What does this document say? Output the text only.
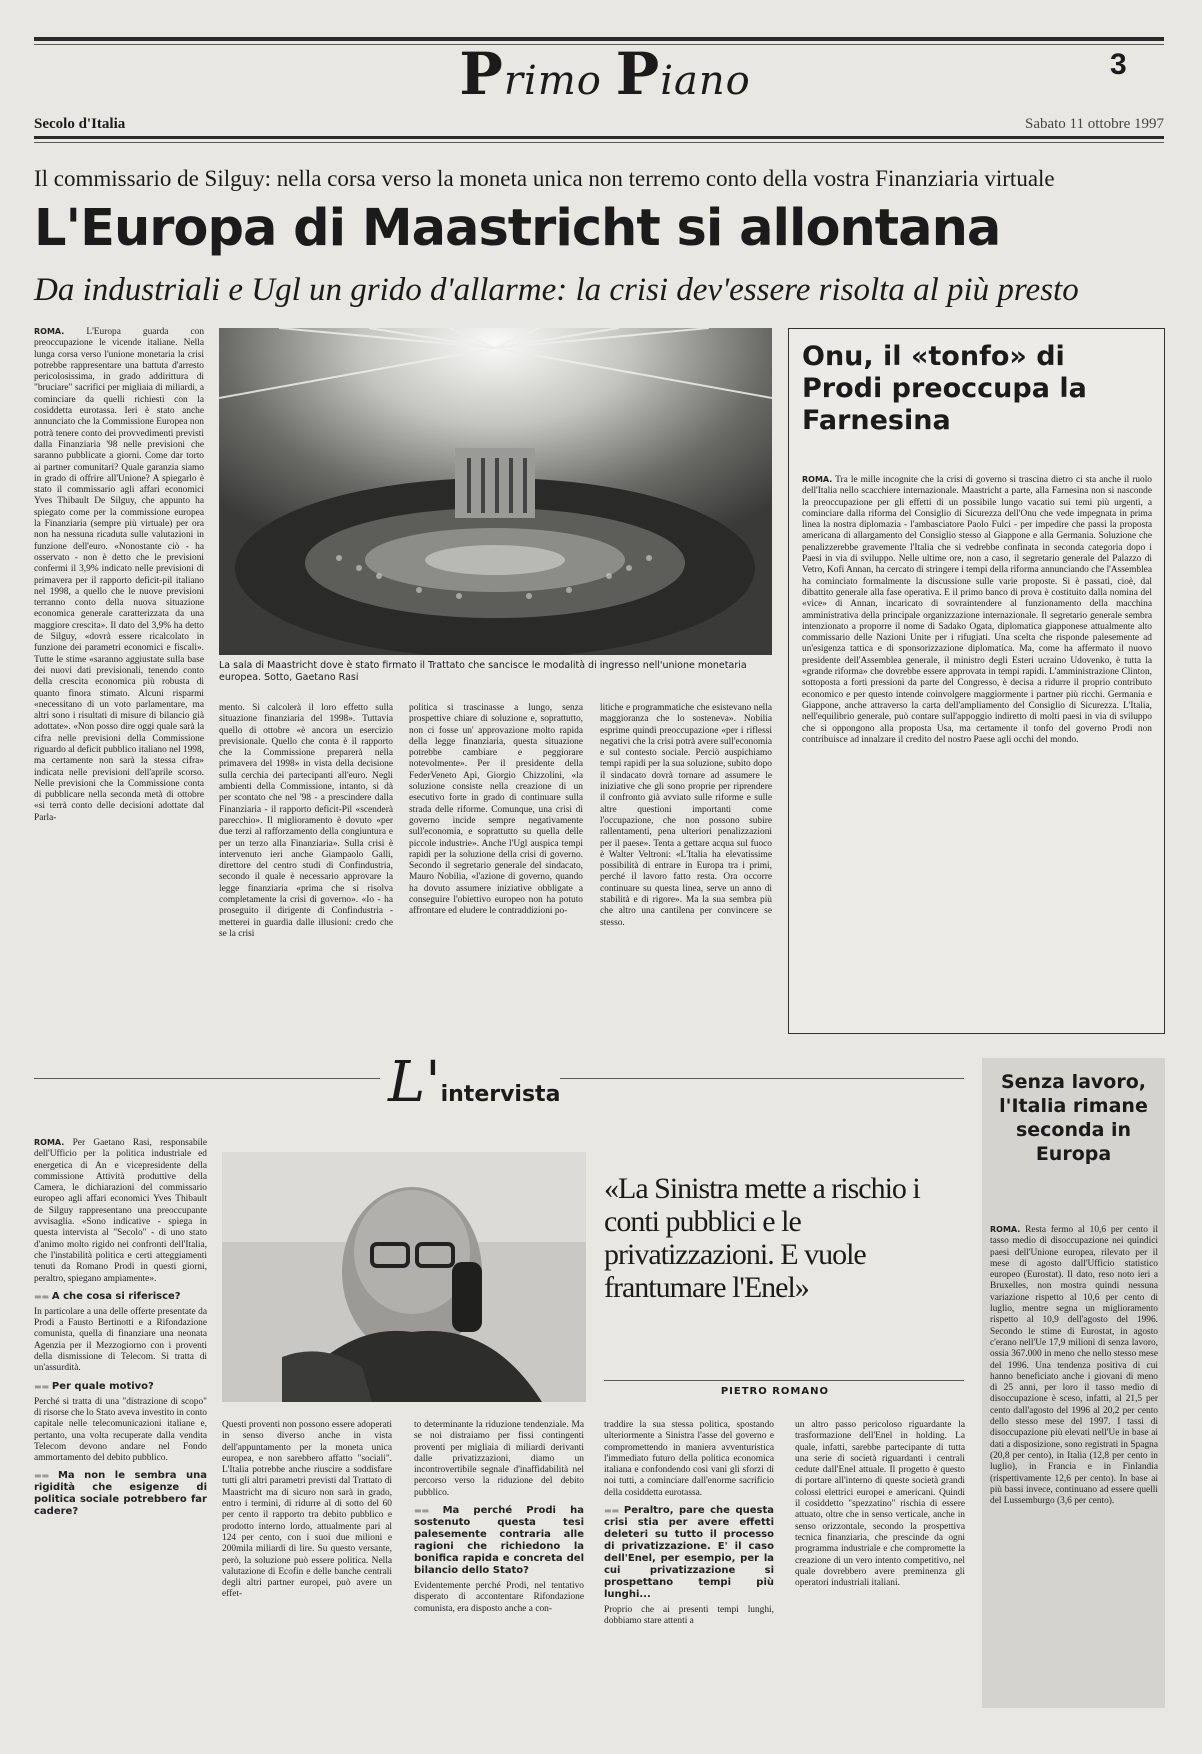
Primo Piano	3
Secolo d'Italia	Sabato 11 ottobre 1997
Il commissario de Silguy: nella corsa verso la moneta unica non terremo conto della vostra Finanziaria virtuale
L'Europa di Maastricht si allontana
Da industriali e Ugl un grido d'allarme: la crisi dev'essere risolta al più presto
ROMA. L'Europa guarda con preoccupazione le vicende italiane. Nella lunga corsa verso l'unione monetaria la crisi potrebbe rappresentare una battuta d'arresto pericolosissima, in grado addirittura di "bruciare" sacrifici per migliaia di miliardi, a cominciare da quelli richiesti con la cosiddetta eurotassa. Ieri è stato anche annunciato che la Commissione Europea non potrà tenere conto dei provvedimenti previsti dalla Finanziaria '98 nelle previsioni che saranno pubblicate a giorni. Come dar torto ai partner comunitari? Quale garanzia siamo in grado di offrire all'Unione? A spiegarlo è stato il commissario agli affari economici Yves Thibault De Silguy, che appunto ha spiegato come per la commissione europea la Finanziaria (sempre più virtuale) per ora non ha nessuna ricaduta sulle valutazioni in funzione dell'euro. «Nonostante ciò - ha osservato - non è detto che le previsioni confermi il 3,9% indicato nelle previsioni di primavera per il rapporto deficit-pil italiano nel 1998, a quello che le nuove previsioni terranno conto della nuova situazione economica generale caratterizzata da una maggiore crescita». Il dato del 3,9% ha detto de Silguy, «dovrà essere ricalcolato in funzione dei parametri economici e fiscali». Tutte le stime «saranno aggiustate sulla base dei nuovi dati previsionali, tenendo conto della crescita economica più robusta di quanto finora stimato. Alcuni risparmi «necessitano di un voto parlamentare, ma altri sono i risultati di misure di bilancio già adottate». «Non posso dire oggi quale sarà la cifra nelle previsioni della Commissione riguardo al deficit pubblico italiano nel 1998, ma certamente non sarà la stessa cifra» indicata nelle previsioni dell'aprile scorso. Nelle previsioni che la Commissione conta di pubblicare nella seconda metà di ottobre «si terrà conto delle decisioni adottate dal Parla-
La sala di Maastricht dove è stato firmato il Trattato che sancisce le modalità di ingresso nell'unione monetaria europea. Sotto, Gaetano Rasi
mento. Si calcolerà il loro effetto sulla situazione finanziaria del 1998». Tuttavia quello di ottobre «è ancora un esercizio previsionale. Quello che conta è il rapporto che la Commissione preparerà nella primavera del 1998» in vista della decisione sulla cerchia dei partecipanti all'euro. Negli ambienti della Commissione, intanto, si dà per scontato che nel '98 - a prescindere dalla Finanziaria - il rapporto deficit-Pil «scenderà parecchio». Il miglioramento è dovuto «per due terzi al rafforzamento della congiuntura e per un terzo alla Finanziaria». Sulla crisi è intervenuto ieri anche Giampaolo Galli, direttore del centro studi di Confindustria, secondo il quale è necessario approvare la legge finanziaria «prima che si risolva completamente la crisi di governo». «Io - ha proseguito il dirigente di Confindustria - metterei in guardia dalle illusioni: credo che se la crisi
politica si trascinasse a lungo, senza prospettive chiare di soluzione e, soprattutto, non ci fosse un' approvazione molto rapida della legge finanziaria, questa situazione potrebbe cambiare e peggiorare notevolmente». Per il presidente della FederVeneto Api, Giorgio Chizzolini, «la soluzione consiste nella creazione di un esecutivo forte in grado di continuare sulla strada delle riforme. Comunque, una crisi di governo incide sempre negativamente sull'economia, e soprattutto su quella delle piccole industrie». Anche l'Ugl auspica tempi rapidi per la soluzione della crisi di governo. Secondo il segretario generale del sindacato, Mauro Nobilia, «l'azione di governo, quando ha dovuto assumere iniziative obbligate a conseguire l'obiettivo europeo non ha potuto affrontare ed eludere le contraddizioni po-
litiche e programmatiche che esistevano nella maggioranza che lo sosteneva». Nobilia esprime quindi preoccupazione «per i riflessi negativi che la crisi potrà avere sull'economia e sul contesto sociale. Perciò auspichiamo tempi rapidi per la sua soluzione, subito dopo il sindacato dovrà tornare ad assumere le iniziative che gli sono proprie per riprendere il confronto già avviato sulle riforme e sulle altre questioni importanti come l'occupazione, che non possono subire rallentamenti, pena ulteriori penalizzazioni per il paese». Tenta a gettare acqua sul fuoco è Walter Veltroni: «L'Italia ha elevatissime possibilità di entrare in Europa tra i primi, perché il lavoro fatto resta. Ora occorre continuare su questa linea, serve un anno di stabilità e di rigore». Ma la sua sembra più che altro una cantilena per convincere se stesso.
Onu, il «tonfo» di Prodi preoccupa la Farnesina
ROMA. Tra le mille incognite che la crisi di governo si trascina dietro ci sta anche il ruolo dell'Italia nello scacchiere internazionale. Maastricht a parte, alla Farnesina non si nasconde la preoccupazione per gli effetti di un possibile lungo vacatio sui temi più urgenti, a cominciare dalla riforma del Consiglio di Sicurezza dell'Onu che vede impegnata in prima linea la nostra diplomazia - l'ambasciatore Paolo Fulci - per impedire che passi la proposta americana di allargamento del Consiglio stesso al Giappone e alla Germania. Soluzione che penalizzerebbe gravemente l'Italia che si vedrebbe confinata in seconda categoria dopo i Paesi in via di sviluppo. Nelle ultime ore, non a caso, il segretario generale del Palazzo di Vetro, Kofi Annan, ha cercato di stringere i tempi della riforma annunciando che l'Assemblea ha cominciato formalmente la discussione sulle varie proposte. Si è passati, cioè, dal dibattito generale alla fase operativa. E il primo banco di prova è costituito dalla nomina del «vice» di Annan, incaricato di sovraintendere al funzionamento della macchina amministrativa della principale organizzazione internazionale. Il segretario generale sembra intenzionato a proporre il nome di Sadako Ogata, diplomatica giapponese attualmente alto commissario delle Nazioni Unite per i rifugiati. Una scelta che risponde palesemente ad un'esigenza tattica e di sponsorizzazione diplomatica. Ma, come ha affermato il nuovo presidente dell'Assemblea generale, il ministro degli Esteri ucraino Udovenko, è tutta la «grande riforma» che dovrebbe essere approvata in tempi rapidi. L'amministrazione Clinton, sottoposta a forti pressioni da parte del Congresso, è decisa a ridurre il proprio contributo economico e per questo intende coinvolgere maggiormente i partner più ricchi. Germania e Giappone, anche attraverso la carta dell'ampliamento del Consiglio di Sicurezza. L'Italia, nell'equilibrio generale, può contare sull'appoggio indiretto di molti paesi in via di sviluppo che si oppongono alla proposta Usa, ma certamente il tonfo del governo Prodi non contribuisce ad innalzare il credito del nostro Paese agli occhi del mondo.
L'intervista
ROMA. Per Gaetano Rasi, responsabile dell'Ufficio per la politica industriale ed energetica di An e vicepresidente della commissione Attività produttive della Camera, le dichiarazioni del commissario europeo agli affari economici Yves Thibault de Silguy rappresentano una preoccupante avvisaglia. «Sono indicative - spiega in questa intervista al "Secolo" - di uno stato d'animo molto rigido nei confronti dell'Italia, che l'instabilità politica e certi atteggiamenti tenuti da Romano Prodi in questi giorni, peraltro, spiegano ampiamente».
▬▬ A che cosa si riferisce?
In particolare a una delle offerte presentate da Prodi a Fausto Bertinotti e a Rifondazione comunista, quella di finanziare una neonata Agenzia per il Mezzogiorno con i proventi della dismissione di Telecom. Si tratta di un'assurdità.
▬▬ Per quale motivo?
Perché si tratta di una "distrazione di scopo" di risorse che lo Stato aveva investito in conto capitale nelle telecomunicazioni italiane e, pertanto, una volta recuperate dalla vendita Telecom devono andare nel Fondo ammortamento del debito pubblico.
▬▬ Ma non le sembra una rigidità che esigenze di politica sociale potrebbero far cadere?
«La Sinistra mette a rischio i conti pubblici e le privatizzazioni. E vuole frantumare l'Enel»
PIETRO ROMANO
Questi proventi non possono essere adoperati in senso diverso anche in vista dell'appuntamento per la moneta unica europea, e non sarebbero affatto "sociali". L'Italia potrebbe anche riuscire a soddisfare tutti gli altri parametri previsti dal Trattato di Maastricht ma di sicuro non sarà in grado, entro i termini, di ridurre al di sotto del 60 per cento il rapporto tra debito pubblico e prodotto interno lordo, attualmente pari al 124 per cento, con i suoi due milioni e 200mila miliardi di lire. Su questo versante, però, la soluzione può essere politica. Nella valutazione di Ecofin e delle banche centrali degli altri partner europei, può avere un effet-
to determinante la riduzione tendenziale. Ma se noi distraiamo per fissi contingenti proventi per migliaia di miliardi derivanti dalle privatizzazioni, diamo un incontrovertibile segnale d'inaffidabilità nel percorso verso la riduzione del debito pubblico.
▬▬ Ma perché Prodi ha sostenuto questa tesi palesemente contraria alle ragioni che richiedono la bonifica rapida e concreta del bilancio dello Stato?
Evidentemente perché Prodi, nel tentativo disperato di accontentare Rifondazione comunista, era disposto anche a con-
traddire la sua stessa politica, spostando ulteriormente a Sinistra l'asse del governo e compromettendo in maniera avventuristica l'immediato futuro della politica economica italiana e confondendo così vani gli sforzi di noi tutti, a cominciare dall'enorme sacrificio della cosiddetta eurotassa.
▬▬ Peraltro, pare che questa crisi stia per avere effetti deleteri su tutto il processo di privatizzazione. E' il caso dell'Enel, per esempio, per la cui privatizzazione si prospettano tempi più lunghi...
Proprio che ai presenti tempi lunghi, dobbiamo stare attenti a
un altro passo pericoloso riguardante la trasformazione dell'Enel in holding. La quale, infatti, sarebbe partecipante di tutta una serie di società riguardanti i centrali cedute dall'Enel attuale. Il progetto è questo di portare all'interno di queste società grandi colossi elettrici europei e americani. Quindi il cosiddetto "spezzatino" rischia di essere attuato, oltre che in senso verticale, anche in senso orizzontale, secondo la prospettiva tecnica finanziaria, che prescinde da ogni programma industriale e che compromette la creazione di un vero intento competitivo, nel quale dovrebbero avere preminenza gli operatori industriali italiani.
Senza lavoro, l'Italia rimane seconda in Europa
ROMA. Resta fermo al 10,6 per cento il tasso medio di disoccupazione nei quindici paesi dell'Unione europea, rilevato per il mese di agosto dall'Ufficio statistico europeo (Eurostat). Il dato, reso noto ieri a Bruxelles, non mostra quindi nessuna variazione rispetto al 10,6 per cento di luglio, mentre segna un miglioramento rispetto al 10,9 dell'agosto del 1996. Secondo le stime di Eurostat, in agosto c'erano nell'Ue 17,9 milioni di senza lavoro, ossia 367.000 in meno che nello stesso mese del 1996. Una tendenza positiva di cui hanno beneficiato anche i giovani di meno di 25 anni, per loro il tasso medio di disoccupazione è sceso, infatti, al 21,5 per cento dall'agosto del 1996 al 20,2 per cento dello stesso mese del 1997. I tassi di disoccupazione più elevati nell'Ue in base ai dati a disposizione, sono registrati in Spagna (20,8 per cento), in Italia (12,8 per cento in luglio), in Francia e in Finlandia (rispettivamente 12,6 per cento). In base ai più bassi invece, continuano ad essere quelli del Lussemburgo (3,6 per cento).
